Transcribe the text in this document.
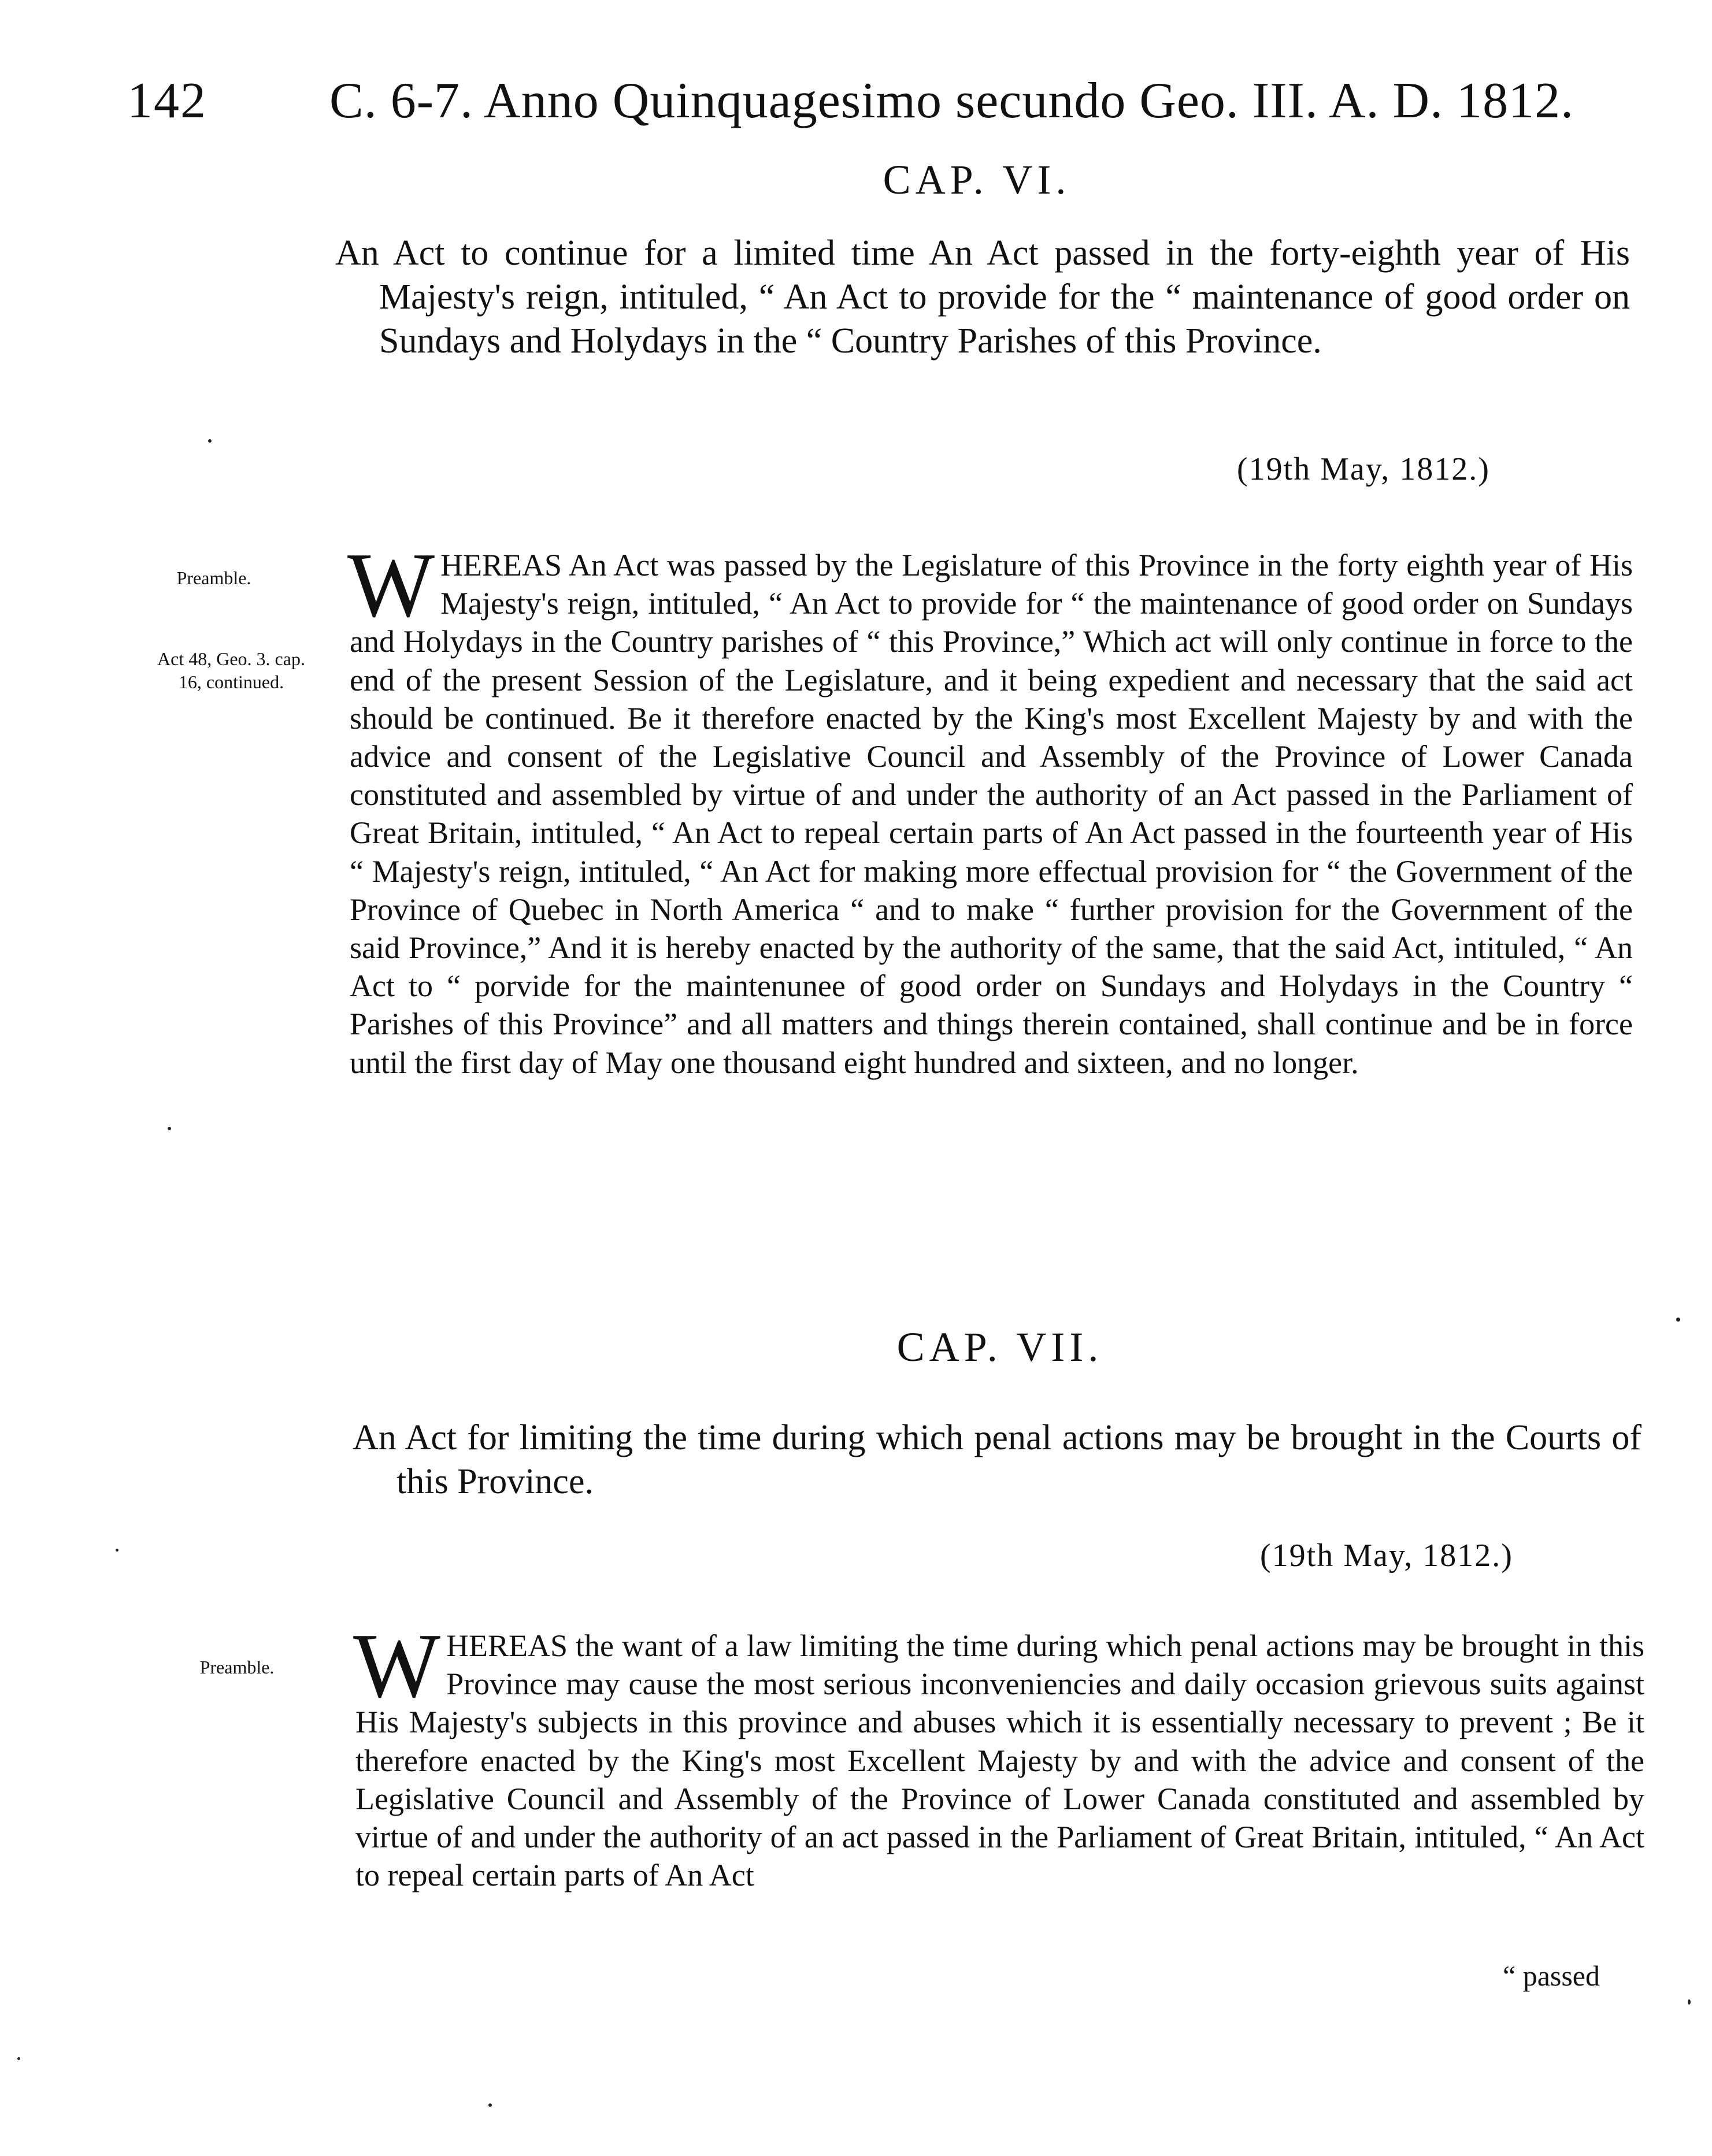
142 C. 6-7. Anno Quinquagesimo secundo Geo. III. A. D. 1812.
CAP. VI.

An Act to continue for a limited time An Act passed in the forty-eighth year of His Majesty's reign, intituled, “ An Act to provide for the “ maintenance of good order on Sundays and Holydays in the “ Country Parishes of this Province.

(19th May, 1812.)
Preamble.
Act 48, Geo. 3. cap. 16, continued.

WHEREAS An Act was passed by the Legislature of this Province in the forty eighth year of His Majesty's reign, intituled, “ An Act to provide for “ the maintenance of good order on Sundays and Holydays in the Country parishes of “ this Province,” Which act will only continue in force to the end of the present Session of the Legislature, and it being expedient and necessary that the said act should be continued. Be it therefore enacted by the King's most Excellent Majesty by and with the advice and consent of the Legislative Council and Assembly of the Province of Lower Canada constituted and assembled by virtue of and under the authority of an Act passed in the Parliament of Great Britain, intituled, “ An Act to repeal certain parts of An Act passed in the fourteenth year of His “ Majesty's reign, intituled, “ An Act for making more effectual provision for “ the Government of the Province of Quebec in North America “ and to make “ further provision for the Government of the said Province,” And it is hereby enacted by the authority of the same, that the said Act, intituled, “ An Act to “ porvide for the maintenunee of good order on Sundays and Holydays in the Country “ Parishes of this Province” and all matters and things therein contained, shall continue and be in force until the first day of May one thousand eight hundred and sixteen, and no longer.

CAP. VII.

An Act for limiting the time during which penal actions may be brought in the Courts of this Province.

(19th May, 1812.)
Preamble. WHEREAS the want of a law limiting the time during which penal actions may be brought in this Province may cause the most serious inconveniencies and daily occasion grievous suits against His Majesty's subjects in this province and abuses which it is essentially necessary to prevent ; Be it therefore enacted by the King's most Excellent Majesty by and with the advice and consent of the Legislative Council and Assembly of the Province of Lower Canada constituted and assembled by virtue of and under the authority of an act passed in the Parliament of Great Britain, intituled, “ An Act to repeal certain parts of An Act

“ passed
